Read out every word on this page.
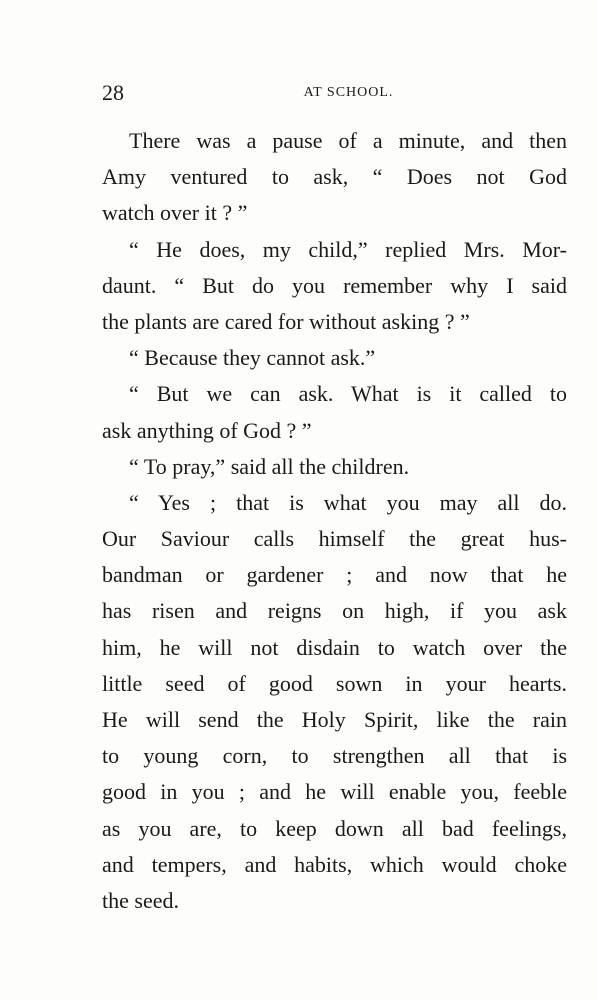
28	AT SCHOOL.
There was a pause of a minute, and then
Amy ventured to ask, “ Does not God
watch over it ? ”
“ He does, my child,” replied Mrs. Mor-
daunt. “ But do you remember why I said
the plants are cared for without asking ? ”
“ Because they cannot ask.”
“ But we can ask. What is it called to
ask anything of God ? ”
“ To pray,” said all the children.
“ Yes ; that is what you may all do.
Our Saviour calls himself the great hus-
bandman or gardener ; and now that he
has risen and reigns on high, if you ask
him, he will not disdain to watch over the
little seed of good sown in your hearts.
He will send the Holy Spirit, like the rain
to young corn, to strengthen all that is
good in you ; and he will enable you, feeble
as you are, to keep down all bad feelings,
and tempers, and habits, which would choke
the seed.
